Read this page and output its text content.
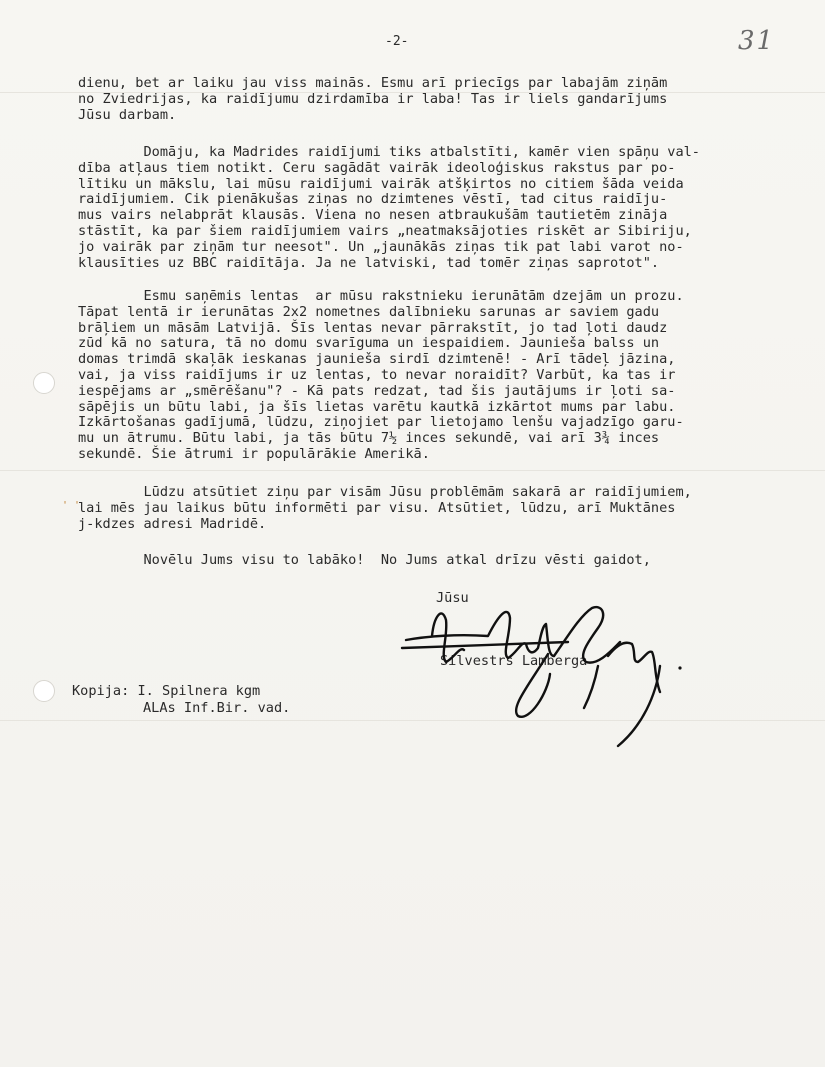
-2-	31
dienu, bet ar laiku jau viss mainās. Esmu arī priecīgs par labajām ziņām
no Zviedrijas, ka raidījumu dzirdamība ir laba! Tas ir liels gandarījums
Jūsu darbam.
Domāju, ka Madrides raidījumi tiks atbalstīti, kamēr vien spāņu val-
dība atļaus tiem notikt. Ceru sagādāt vairāk ideoloģiskus rakstus par po-
lītiku un mākslu, lai mūsu raidījumi vairāk atšķirtos no citiem šāda veida
raidījumiem. Cik pienākušas ziņas no dzimtenes vēstī, tad citus raidīju-
mus vairs nelabprāt klausās. Viena no nesen atbraukušām tautietēm zināja
stāstīt, ka par šiem raidījumiem vairs „neatmaksājoties riskēt ar Sibiriju,
jo vairāk par ziņām tur neesot". Un „jaunākās ziņas tik pat labi varot no-
klausīties uz BBC raidītāja. Ja ne latviski, tad tomēr ziņas saprotot".
Esmu saņēmis lentas  ar mūsu rakstnieku ierunātām dzejām un prozu.
Tāpat lentā ir ierunātas 2x2 nometnes dalībnieku sarunas ar saviem gadu
brāļiem un māsām Latvijā. Šīs lentas nevar pārrakstīt, jo tad ļoti daudz
zūd kā no satura, tā no domu svarīguma un iespaidiem. Jaunieša balss un
domas trimdā skaļāk ieskanas jaunieša sirdī dzimtenē! - Arī tādeļ jāzina,
vai, ja viss raidījums ir uz lentas, to nevar noraidīt? Varbūt, ka tas ir
iespējams ar „smērēšanu"? - Kā pats redzat, tad šis jautājums ir ļoti sa-
sāpējis un būtu labi, ja šīs lietas varētu kautkā izkārtot mums par labu.
Izkārtošanas gadījumā, lūdzu, ziņojiet par lietojamo lenšu vajadzīgo garu-
mu un ātrumu. Būtu labi, ja tās būtu 7½ inces sekundē, vai arī 3¾ inces
sekundē. Šie ātrumi ir populārākie Amerikā.
Lūdzu atsūtiet ziņu par visām Jūsu problēmām sakarā ar raidījumiem,
lai mēs jau laikus būtu informēti par visu. Atsūtiet, lūdzu, arī Muktānes
j-kdzes adresi Madridē.
Novēlu Jums visu to labāko!  No Jums atkal drīzu vēsti gaidot,
' '
Jūsu
Silvestrs Lamberga
Kopija: I. Spilnera kgm
ALAs Inf.Bir. vad.
